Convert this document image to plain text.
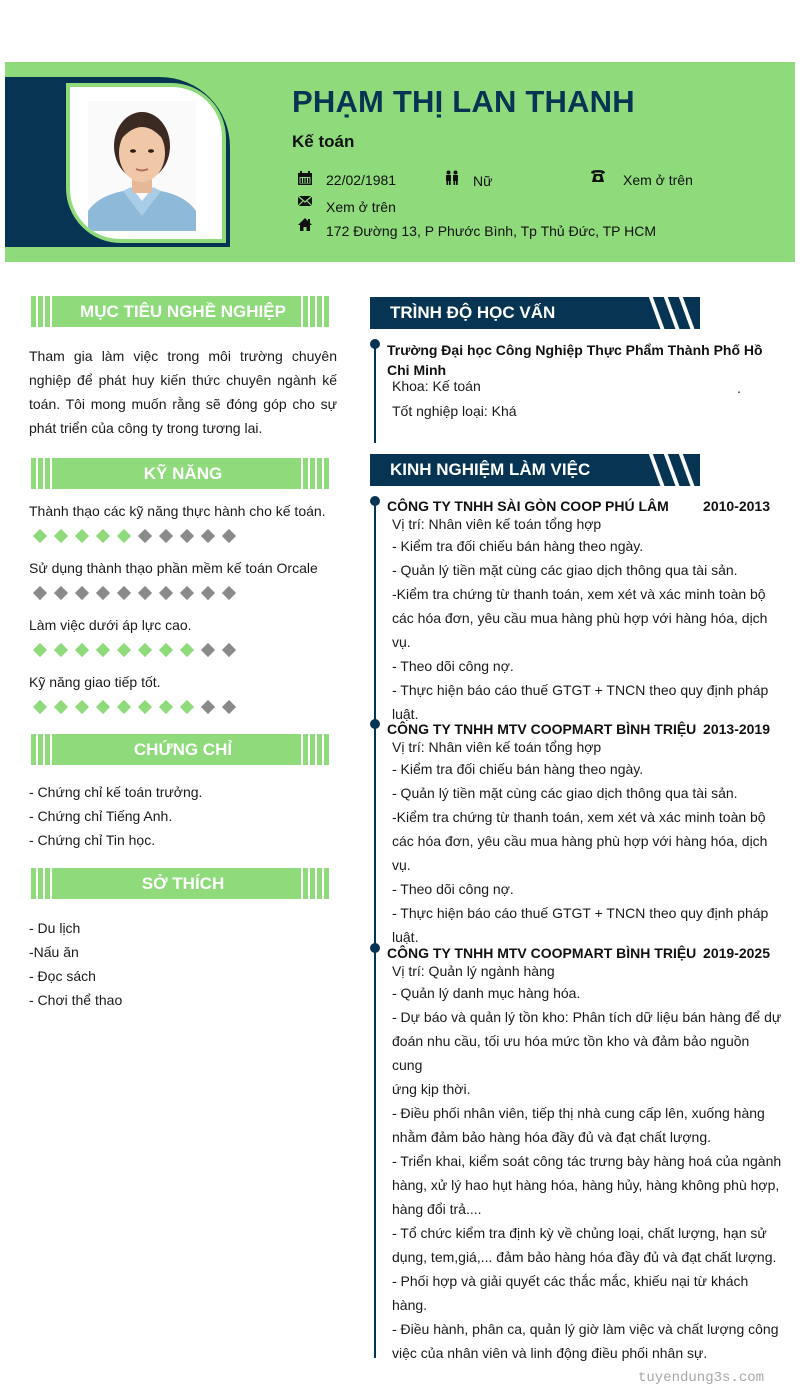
PHẠM THỊ LAN THANH
Kế toán
22/02/1981	Nữ	Xem ở trên
Xem ở trên
172 Đường 13, P Phước Bình, Tp Thủ Đức, TP HCM
MỤC TIÊU NGHỀ NGHIỆP
Tham gia làm việc trong môi trường chuyên nghiệp để phát huy kiến thức chuyên ngành kế toán. Tôi mong muốn rằng sẽ đóng góp cho sự phát triển của công ty trong tương lai.
KỸ NĂNG
Thành thạo các kỹ năng thực hành cho kế toán.
Sử dụng thành thạo phần mềm kế toán Orcale
Làm việc dưới áp lực cao.
Kỹ năng giao tiếp tốt.
CHỨNG CHỈ
- Chứng chỉ kế toán trưởng.
- Chứng chỉ Tiếng Anh.
- Chứng chỉ Tin học.
SỞ THÍCH
- Du lịch
-Nấu ăn
- Đọc sách
- Chơi thể thao
TRÌNH ĐỘ HỌC VẤN
Trường Đại học Công Nghiệp Thực Phẩm Thành Phố Hồ Chi Minh
Khoa: Kế toán	.
Tốt nghiệp loại: Khá
KINH NGHIỆM LÀM VIỆC
CÔNG TY TNHH SÀI GÒN COOP PHÚ LÂM 2010-2013
Vị trí: Nhân viên kế toán tổng hợp
- Kiểm tra đối chiếu bán hàng theo ngày.
- Quản lý tiền mặt cùng các giao dịch thông qua tài sản.
-Kiểm tra chứng từ thanh toán, xem xét và xác minh toàn bộ
các hóa đơn, yêu cầu mua hàng phù hợp với hàng hóa, dịch vụ.
- Theo dõi công nợ.
- Thực hiện báo cáo thuế GTGT + TNCN theo quy định pháp
luật.
CÔNG TY TNHH MTV COOPMART BÌNH TRIỆU 2013-2019
Vị trí: Nhân viên kế toán tổng hợp
- Kiểm tra đối chiếu bán hàng theo ngày.
- Quản lý tiền mặt cùng các giao dịch thông qua tài sản.
-Kiểm tra chứng từ thanh toán, xem xét và xác minh toàn bộ
các hóa đơn, yêu cầu mua hàng phù hợp với hàng hóa, dịch vụ.
- Theo dõi công nợ.
- Thực hiện báo cáo thuế GTGT + TNCN theo quy định pháp
luật.
CÔNG TY TNHH MTV COOPMART BÌNH TRIỆU 2019-2025
Vị trí: Quản lý ngành hàng
- Quản lý danh mục hàng hóa.
- Dự báo và quản lý tồn kho: Phân tích dữ liệu bán hàng để dự
đoán nhu cầu, tối ưu hóa mức tồn kho và đảm bảo nguồn cung
ứng kịp thời.
- Điều phối nhân viên, tiếp thị nhà cung cấp lên, xuống hàng
nhằm đảm bảo hàng hóa đầy đủ và đạt chất lượng.
- Triển khai, kiểm soát công tác trưng bày hàng hoá của ngành
hàng, xử lý hao hụt hàng hóa, hàng hủy, hàng không phù hợp,
hàng đổi trả....
- Tổ chức kiểm tra định kỳ về chủng loại, chất lượng, hạn sử
dụng, tem,giá,... đảm bảo hàng hóa đầy đủ và đạt chất lượng.
- Phối hợp và giải quyết các thắc mắc, khiếu nại từ khách hàng.
- Điều hành, phân ca, quản lý giờ làm việc và chất lượng công
việc của nhân viên và linh động điều phối nhân sự.
tuyendung3s.com
